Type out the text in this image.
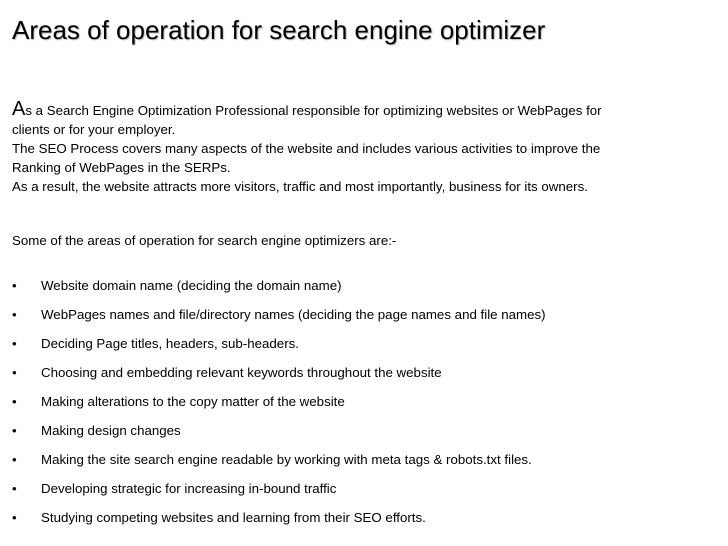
Areas of operation for search engine optimizer

As a Search Engine Optimization Professional responsible for optimizing websites or WebPages for

clients or for your employer.

The SEO Process covers many aspects of the website and includes various activities to improve the

Ranking of WebPages in the SERPs.

As a result, the website attracts more visitors, traffic and most importantly, business for its owners.

Some of the areas of operation for search engine optimizers are:-

• Website domain name (deciding the domain name)
• WebPages names and file/directory names (deciding the page names and file names)
• Deciding Page titles, headers, sub-headers.
• Choosing and embedding relevant keywords throughout the website
• Making alterations to the copy matter of the website
• Making design changes
• Making the site search engine readable by working with meta tags & robots.txt files.
• Developing strategic for increasing in-bound traffic
• Studying competing websites and learning from their SEO efforts.
